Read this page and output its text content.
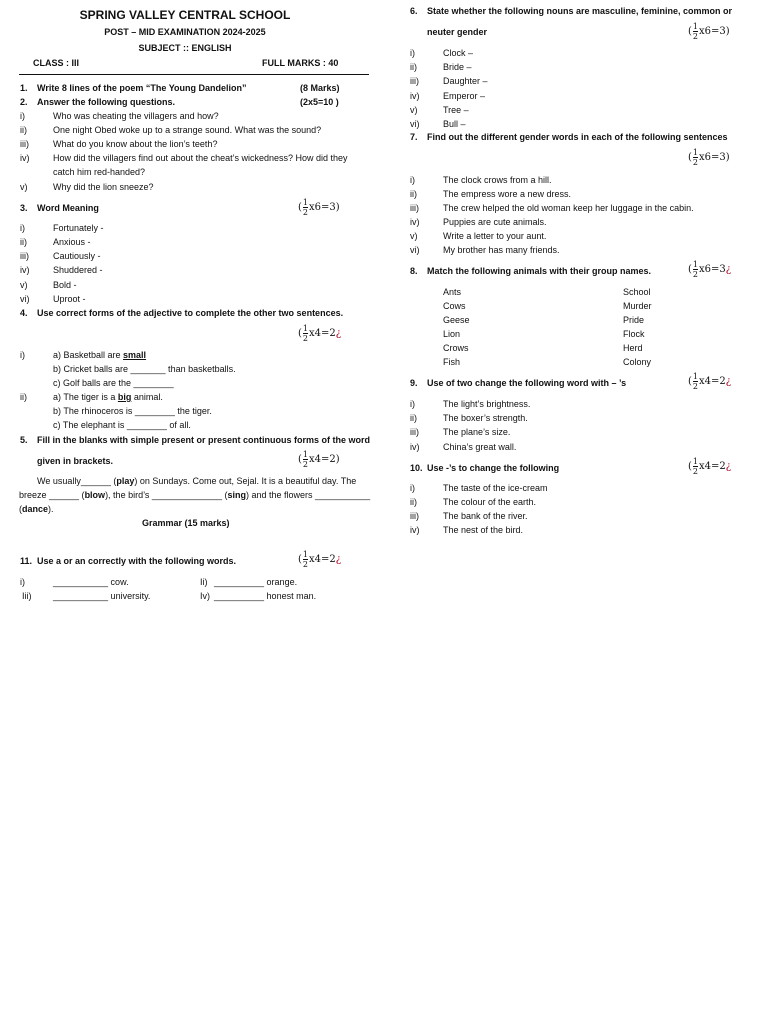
SPRING VALLEY CENTRAL SCHOOL
POST – MID EXAMINATION 2024-2025
SUBJECT :: ENGLISH
CLASS : III	FULL MARKS : 40
1. Write 8 lines of the poem “The Young Dandelion”	(8 Marks)
2. Answer the following questions.	(2x5=10 )
i)	Who was cheating the villagers and how?
ii)	One night Obed woke up to a strange sound. What was the sound?
iii)	What do you know about the lion’s teeth?
iv)	How did the villagers find out about the cheat’s wickedness? How did they
catch him red-handed?
v)	Why did the lion sneeze?
3. Word Meaning	( $\frac{1}{2} x6=3$)
i)	Fortunately -
ii)	Anxious -
iii)	Cautiously -
iv)	Shuddered -
v)	Bold -
vi)	Uproot -
4. Use correct forms of the adjective to complete the other two sentences.
( $\frac{1}{2}$ x4=2¿
i)	a) Basketball are small
b) Cricket balls are _______ than basketballs.
c) Golf balls are the ________
ii)	a) The tiger is a big animal.
b) The rhinoceros is ________ the tiger.
c) The elephant is ________ of all.
5. Fill in the blanks with simple present or present continuous forms of the word
given in brackets.	( $\frac{1}{2} x4=2$)
We usually______ (play) on Sundays. Come out, Sejal. It is a beautiful day. The
breeze ______ (blow), the bird’s ______________ (sing) and the flowers ___________
(dance).
Grammar (15 marks)
11. Use a or an correctly with the following words.	( $\frac{1}{2}$ x4=2¿
i)	___________ cow.	Ii) __________ orange.
Iii) ___________ university.	Iv) __________ honest man.
6. State whether the following nouns are masculine, feminine, common or
neuter gender	( $\frac{1}{2} x6=3$)
i)	Clock –
ii)	Bride –
iii)	Daughter –
iv)	Emperor –
v)	Tree –
vi)	Bull –
7. Find out the different gender words in each of the following sentences
( $\frac{1}{2} x6=3$)
i)	The clock crows from a hill.
ii)	The empress wore a new dress.
iii)	The crew helped the old woman keep her luggage in the cabin.
iv)	Puppies are cute animals.
v)	Write a letter to your aunt.
vi)	My brother has many friends.
8. Match the following animals with their group names.	( $\frac{1}{2}$ x6=3¿
Ants	School
Cows	Murder
Geese	Pride
Lion	Flock
Crows	Herd
Fish	Colony
9. Use of two change the following word with – ’s	( $\frac{1}{2}$ x4=2¿
i)	The light’s brightness.
ii)	The boxer’s strength.
iii)	The plane’s size.
iv)	China’s great wall.
10. Use -’s to change the following	( $\frac{1}{2}$ x4=2¿
i)	The taste of the ice-cream
ii)	The colour of the earth.
iii)	The bank of the river.
iv)	The nest of the bird.
